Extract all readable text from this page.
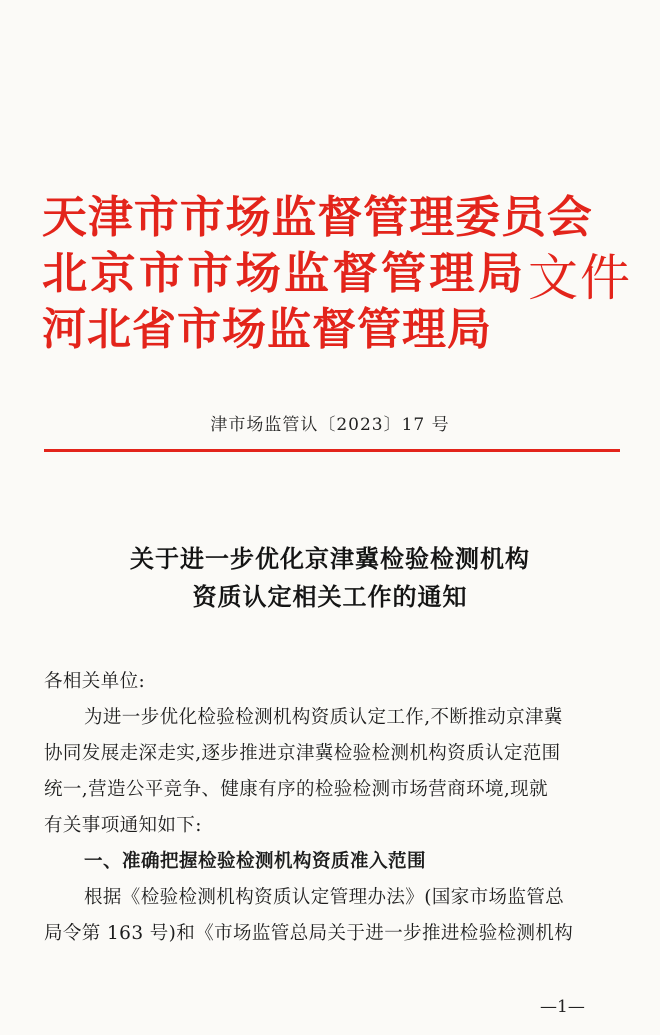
天津市市场监督管理委员会
北京市市场监督管理局
河北省市场监督管理局
文件
津市场监管认〔2023〕17 号
关于进一步优化京津冀检验检测机构
资质认定相关工作的通知
各相关单位:
为进一步优化检验检测机构资质认定工作,不断推动京津冀
协同发展走深走实,逐步推进京津冀检验检测机构资质认定范围
统一,营造公平竞争、健康有序的检验检测市场营商环境,现就
有关事项通知如下:
一、准确把握检验检测机构资质准入范围
根据《检验检测机构资质认定管理办法》(国家市场监管总
局令第 163 号)和《市场监管总局关于进一步推进检验检测机构
—1—
